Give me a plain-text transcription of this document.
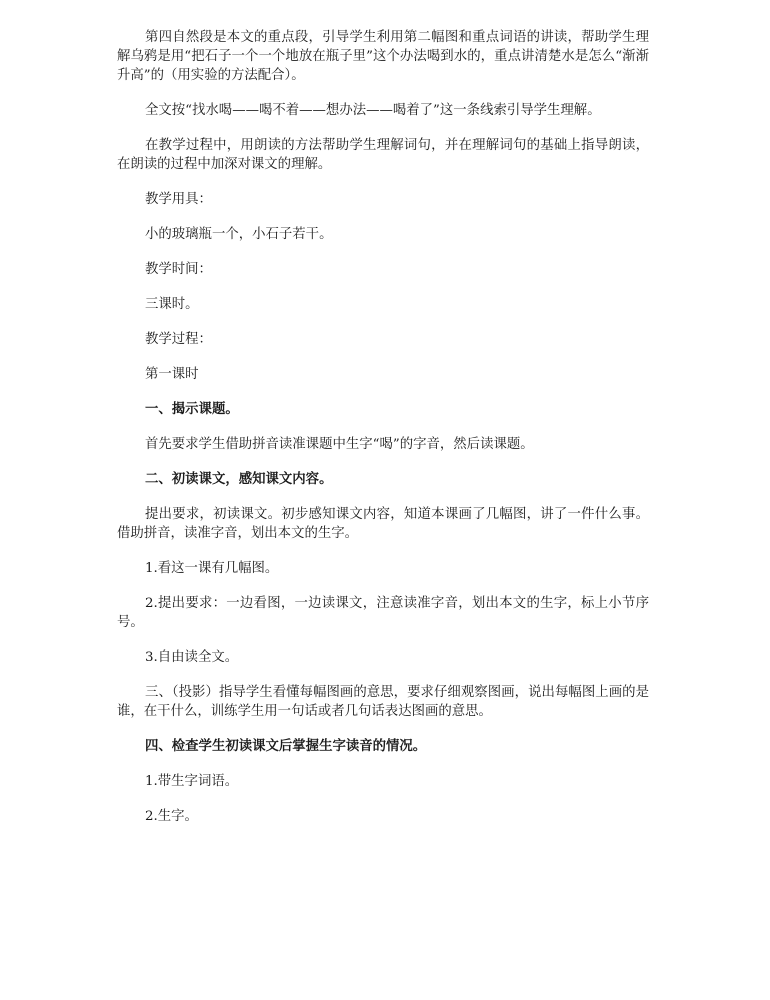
第四自然段是本文的重点段，引导学生利用第二幅图和重点词语的讲读，帮助学生理解乌鸦是用“把石子一个一个地放在瓶子里”这个办法喝到水的，重点讲清楚水是怎么“渐渐升高”的（用实验的方法配合）。

全文按“找水喝——喝不着——想办法——喝着了”这一条线索引导学生理解。

在教学过程中，用朗读的方法帮助学生理解词句，并在理解词句的基础上指导朗读，在朗读的过程中加深对课文的理解。

教学用具：

小的玻璃瓶一个，小石子若干。

教学时间：

三课时。

教学过程：

第一课时

一、揭示课题。

首先要求学生借助拼音读准课题中生字“喝”的字音，然后读课题。

二、初读课文，感知课文内容。

提出要求，初读课文。初步感知课文内容，知道本课画了几幅图，讲了一件什么事。借助拼音，读准字音，划出本文的生字。

1.看这一课有几幅图。

2.提出要求：一边看图，一边读课文，注意读准字音，划出本文的生字，标上小节序号。

3.自由读全文。

三、（投影）指导学生看懂每幅图画的意思，要求仔细观察图画，说出每幅图上画的是谁，在干什么，训练学生用一句话或者几句话表达图画的意思。

四、检查学生初读课文后掌握生字读音的情况。

1.带生字词语。

2.生字。
